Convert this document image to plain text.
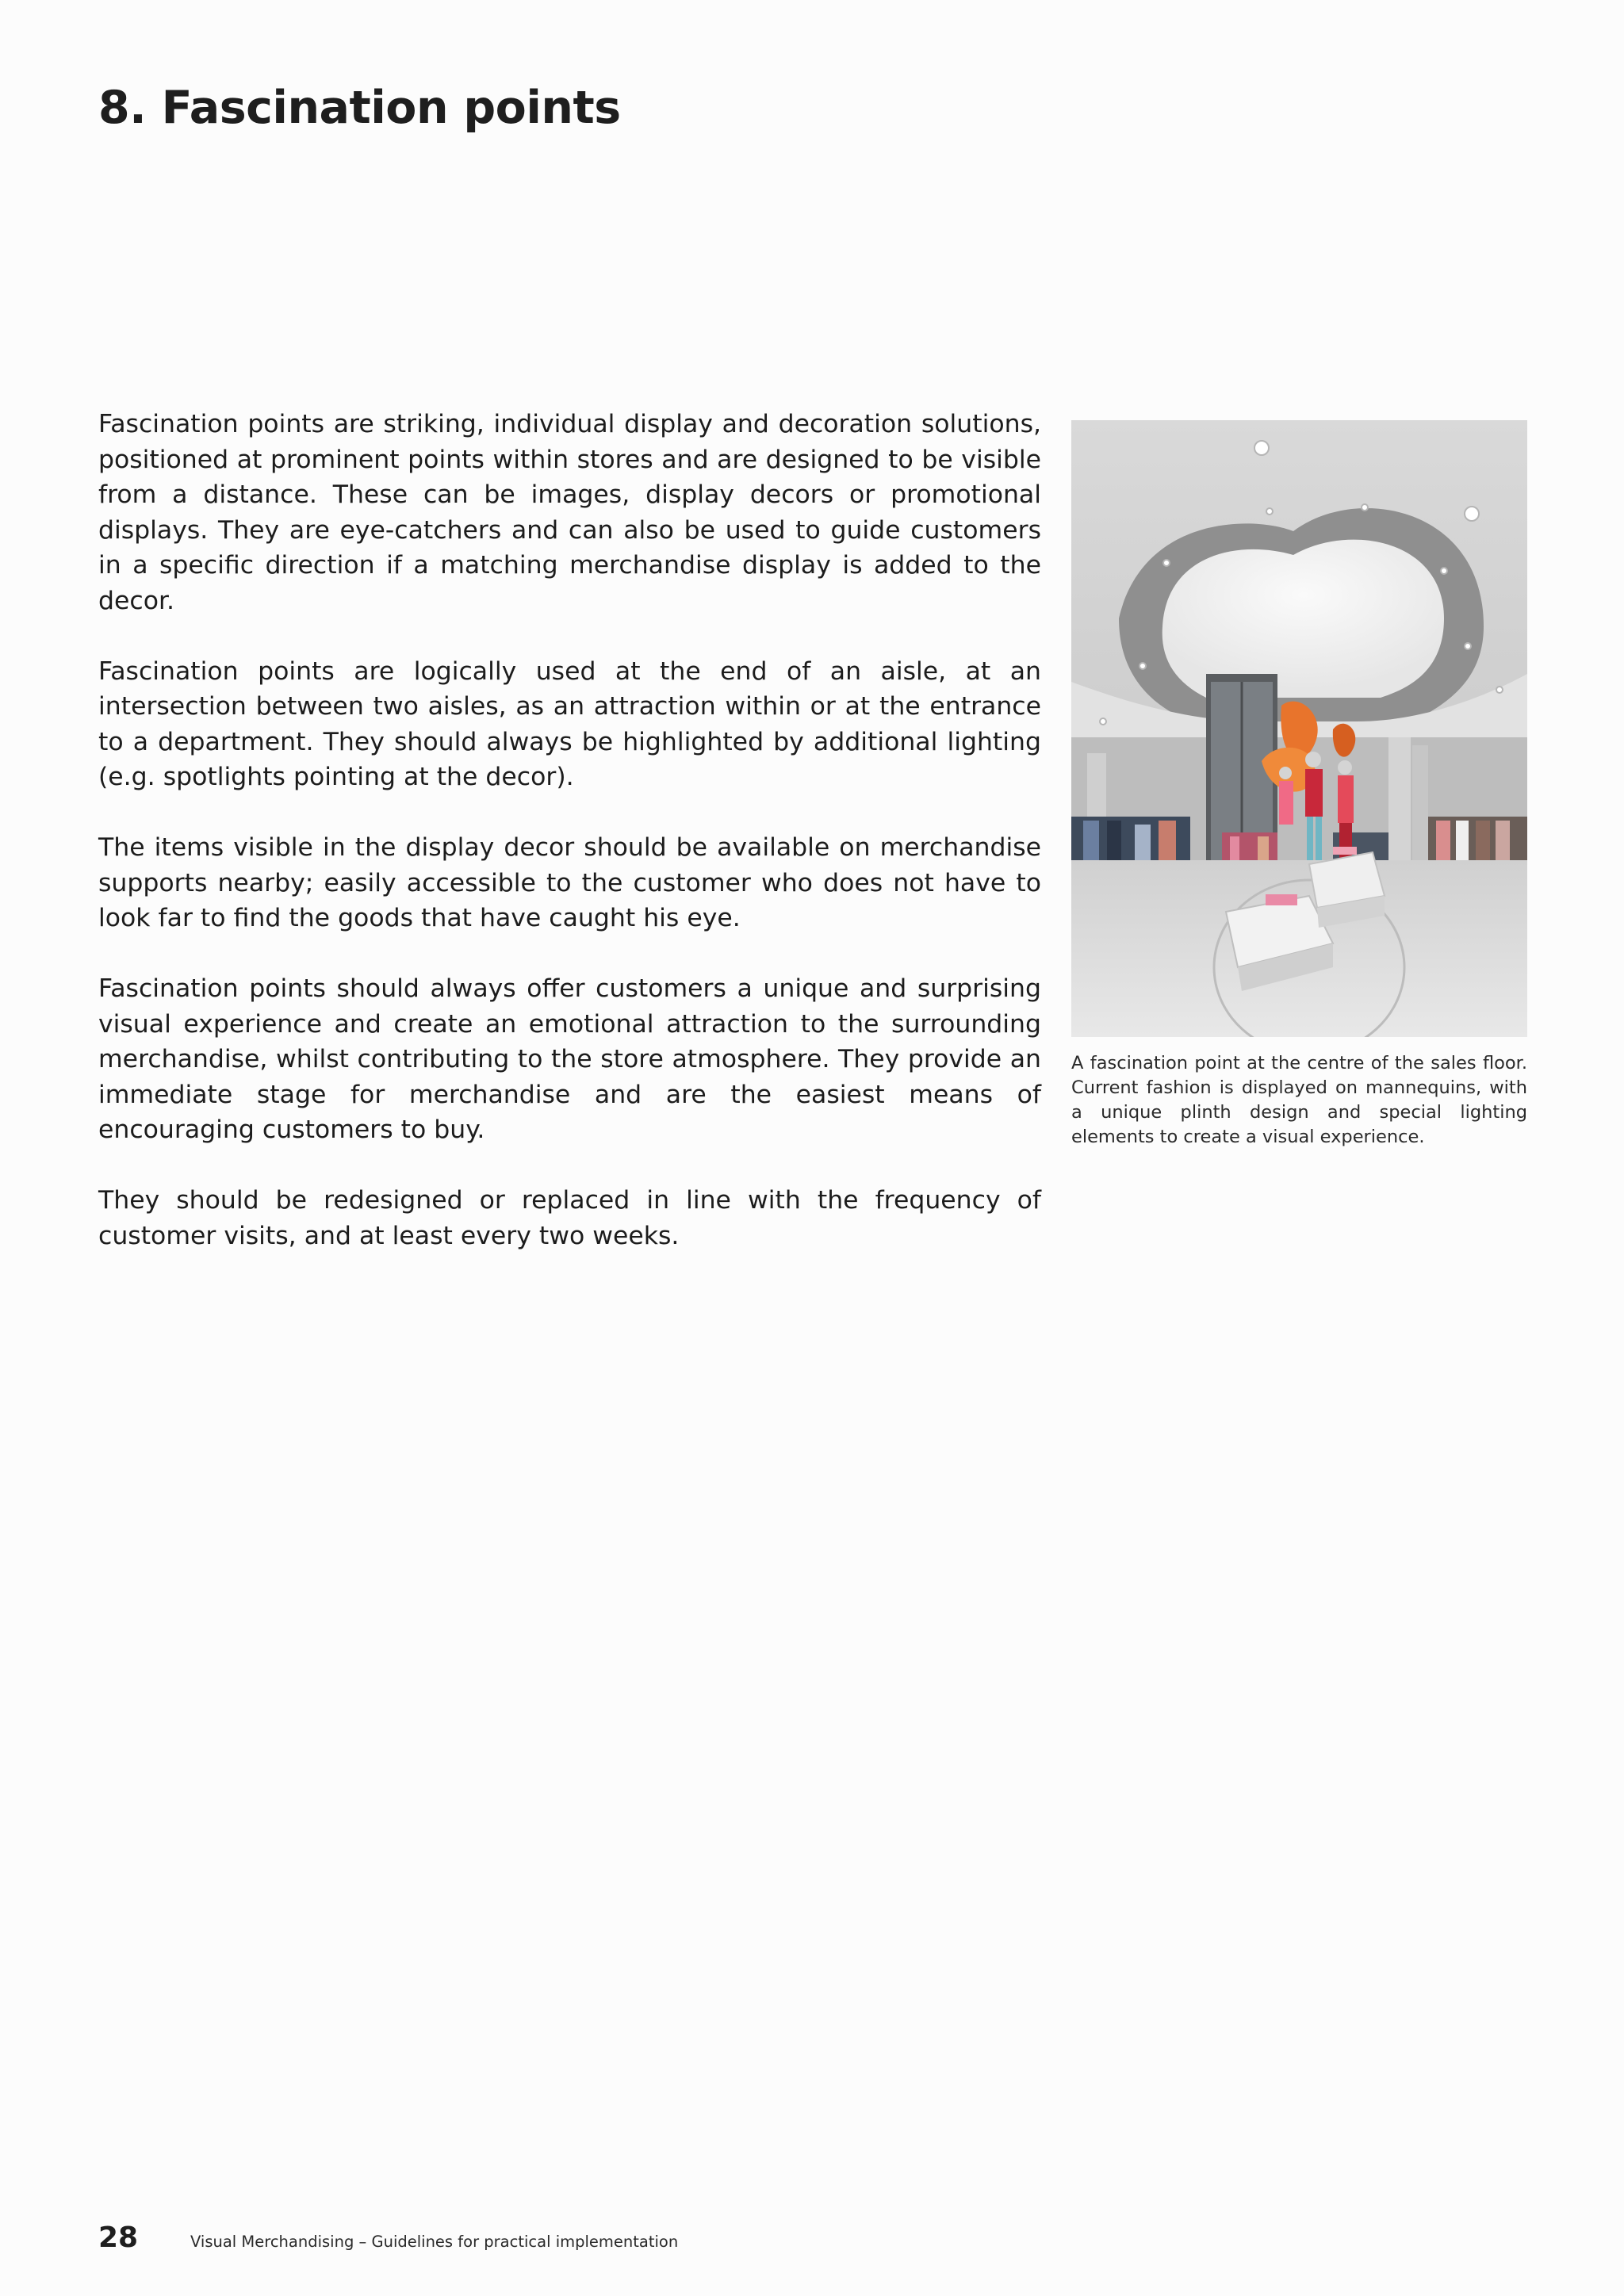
8. Fascination points

Fascination points are striking, individual display and decoration solutions, positioned at prominent points within stores and are designed to be visible from a distance. These can be images, display decors or promotional displays. They are eye-catchers and can also be used to guide customers in a specific direction if a matching merchandise display is added to the decor.

Fascination points are logically used at the end of an aisle, at an intersection between two aisles, as an attraction within or at the entrance to a department. They should always be highlighted by additional lighting (e.g. spotlights pointing at the decor).

The items visible in the display decor should be available on merchandise supports nearby; easily accessible to the customer who does not have to look far to find the goods that have caught his eye.

Fascination points should always offer customers a unique and surprising visual experience and create an emotional attraction to the surrounding merchandise, whilst contributing to the store atmosphere. They provide an immediate stage for merchandise and are the easiest means of encouraging customers to buy.

They should be redesigned or replaced in line with the frequency of customer visits, and at least every two weeks.

A fascination point at the centre of the sales floor. Current fashion is displayed on mannequins, with a unique plinth design and special lighting elements to create a visual experience.
28	Visual Merchandising – Guidelines for practical implementation
